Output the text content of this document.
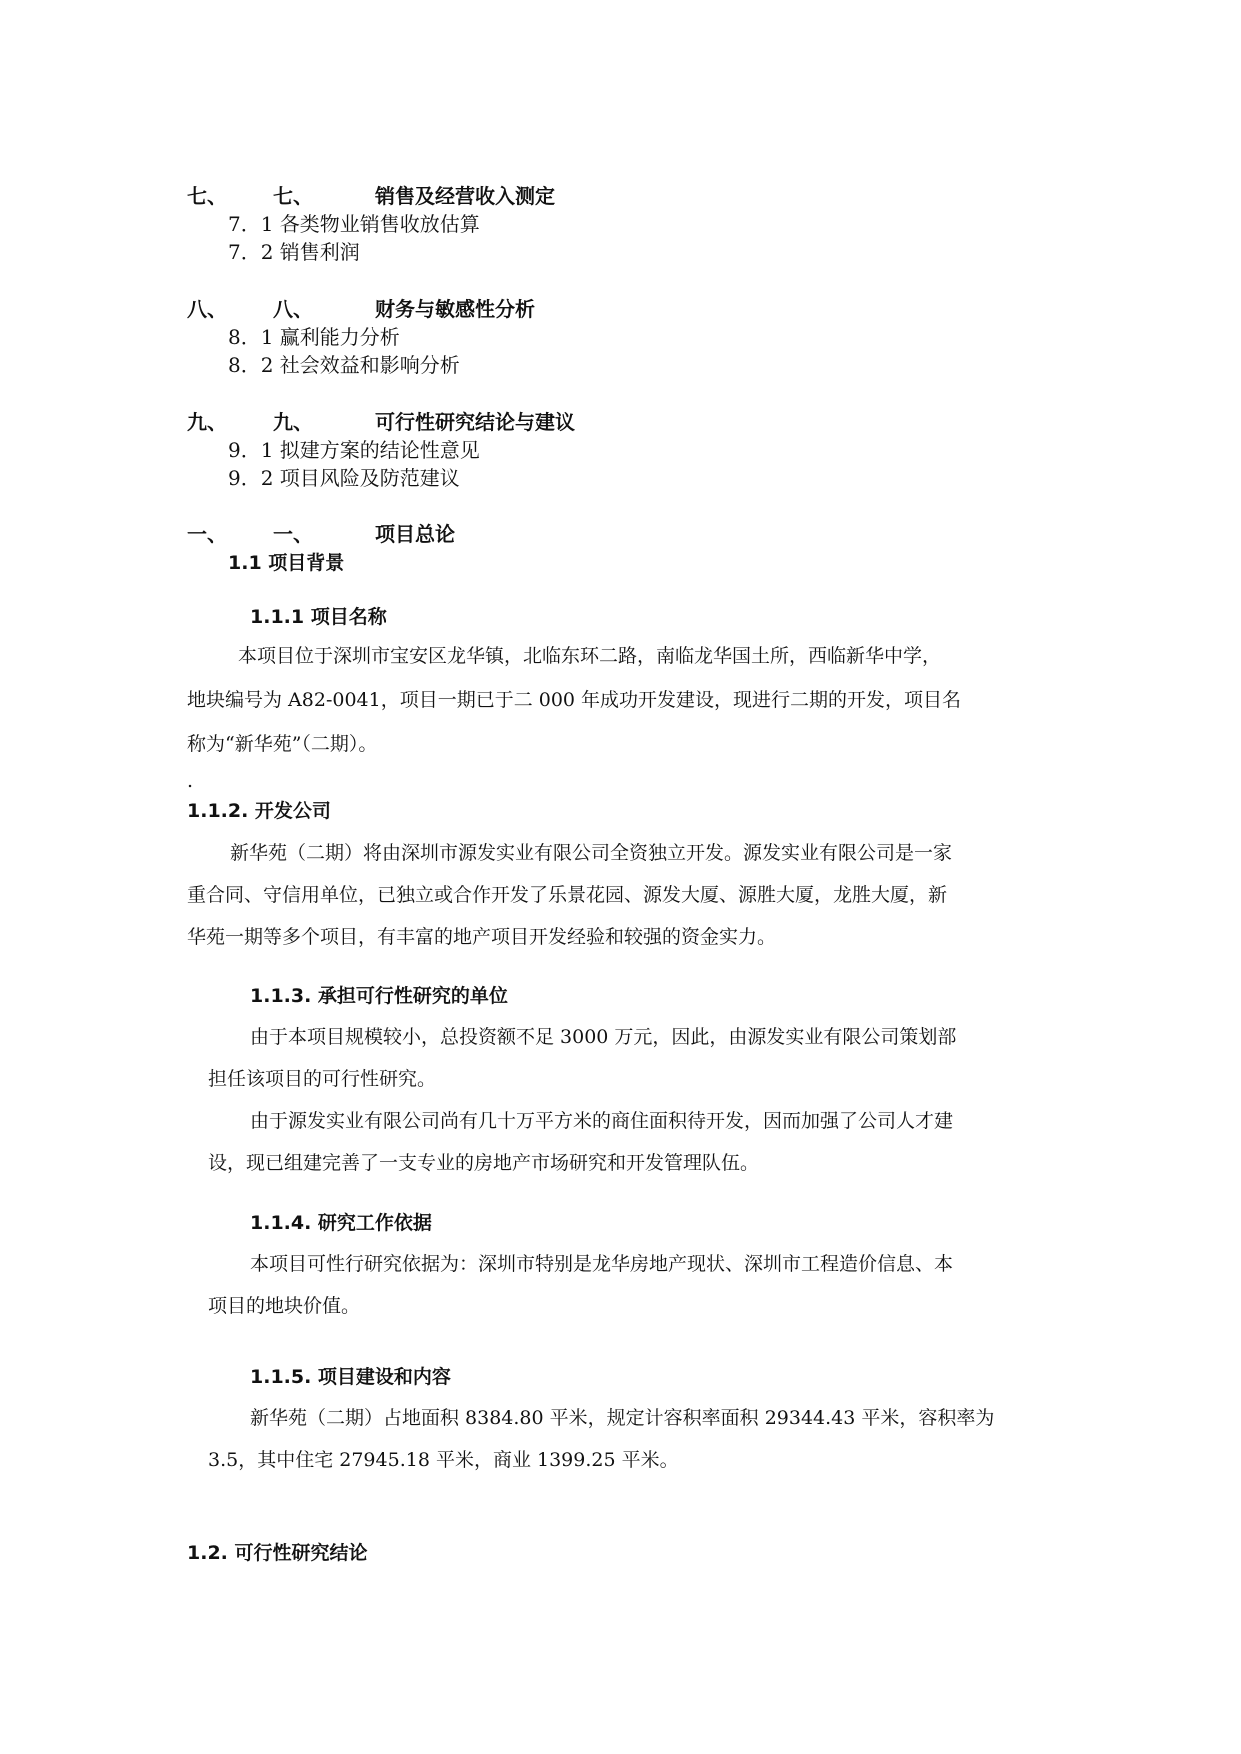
七、 七、	销售及经营收入测定
7．1 各类物业销售收放估算
7．2 销售利润
八、 八、	财务与敏感性分析
8．1 赢利能力分析
8．2 社会效益和影响分析
九、 九、	可行性研究结论与建议
9．1 拟建方案的结论性意见
9．2 项目风险及防范建议
一、 一、	项目总论
1.1 项目背景
1.1.1 项目名称
本项目位于深圳市宝安区龙华镇，北临东环二路，南临龙华国土所，西临新华中学，
地块编号为 A82-0041，项目一期已于二 000 年成功开发建设，现进行二期的开发，项目名
称为“新华苑”（二期）。
.
1.1.2. 开发公司
新华苑（二期）将由深圳市源发实业有限公司全资独立开发。源发实业有限公司是一家
重合同、守信用单位，已独立或合作开发了乐景花园、源发大厦、源胜大厦，龙胜大厦，新
华苑一期等多个项目，有丰富的地产项目开发经验和较强的资金实力。
1.1.3. 承担可行性研究的单位
由于本项目规模较小，总投资额不足 3000 万元，因此，由源发实业有限公司策划部
担任该项目的可行性研究。
由于源发实业有限公司尚有几十万平方米的商住面积待开发，因而加强了公司人才建
设，现已组建完善了一支专业的房地产市场研究和开发管理队伍。
1.1.4. 研究工作依据
本项目可性行研究依据为：深圳市特别是龙华房地产现状、深圳市工程造价信息、本
项目的地块价值。
1.1.5. 项目建设和内容
新华苑（二期）占地面积 8384.80 平米，规定计容积率面积 29344.43 平米，容积率为
3.5，其中住宅 27945.18 平米，商业 1399.25 平米。
1.2. 可行性研究结论
